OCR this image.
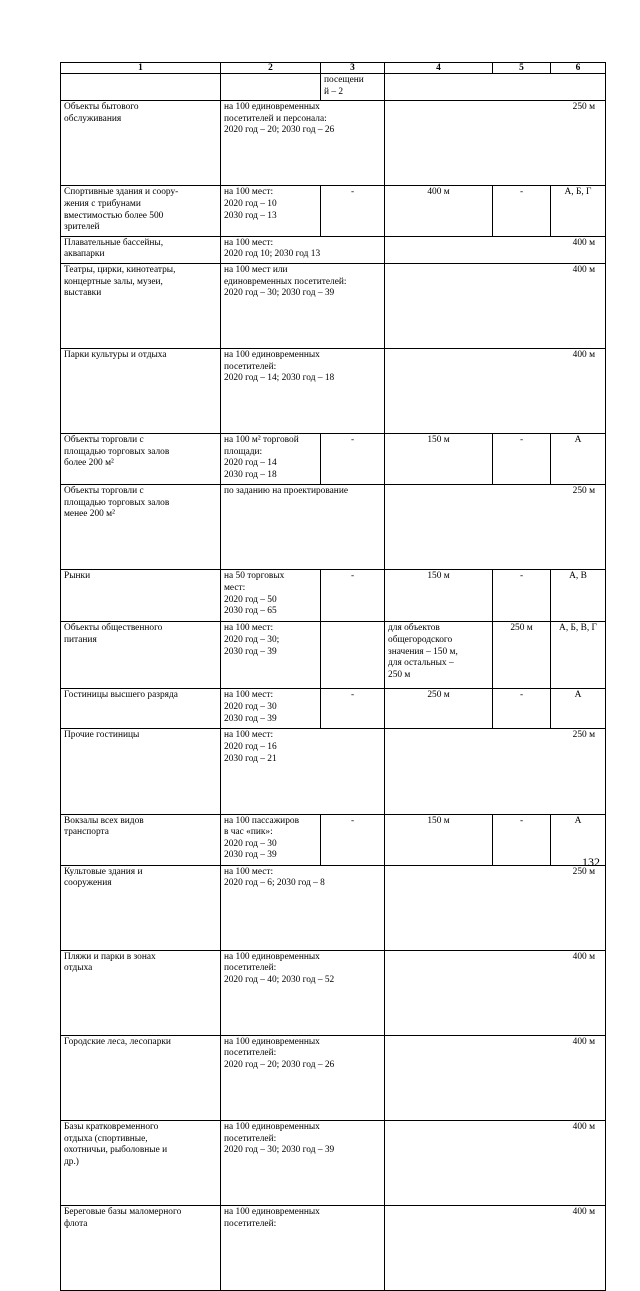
1	2	3	4	5	6	
		посещени
й – 2				
Объекты бытового
обслуживания	на 100 единовременных
посетителей и персонала:
2020 год – 20; 2030 год – 26		250 м	
Спортивные здания и соору-
жения с трибунами
вместимостью более 500
зрителей	на 100 мест:
2020 год – 10
2030 год – 13	-	400 м	-	А, Б, Г	
Плавательные бассейны,
аквапарки	на 100 мест:
2020 год 10; 2030 год 13		400 м	
Театры, цирки, кинотеатры,
концертные залы, музеи,
выставки	на 100 мест или
единовременных посетителей:
2020 год – 30; 2030 год – 39		400 м	
Парки культуры и отдыха	на 100 единовременных
посетителей:
2020 год – 14; 2030 год – 18		400 м	
Объекты торговли с
площадью торговых залов
более 200 м²	на 100 м² торговой
площади:
2020 год – 14
2030 год – 18	-	150 м	-	А	
Объекты торговли с
площадью торговых залов
менее 200 м²	по заданию на проектирование		250 м	
Рынки	на 50 торговых
мест:
2020 год – 50
2030 год – 65	-	150 м	-	А, В	
Объекты общественного
питания	на 100 мест:
2020 год – 30;
2030 год – 39		для объектов
общегородского
значения – 150 м,
для остальных –
250 м	250 м	А, Б, В, Г	
Гостиницы высшего разряда	на 100 мест:
2020 год – 30
2030 год – 39	-	250 м	-	А	
Прочие гостиницы	на 100 мест:
2020 год – 16
2030 год – 21		250 м	
Вокзалы всех видов
транспорта	на 100 пассажиров
в час «пик»:
2020 год – 30
2030 год – 39	-	150 м	-	А	
Культовые здания и
сооружения	на 100 мест:
2020 год – 6; 2030 год – 8		250 м	
Пляжи и парки в зонах
отдыха	на 100 единовременных
посетителей:
2020 год – 40; 2030 год – 52		400 м	
Городские леса, лесопарки	на 100 единовременных
посетителей:
2020 год – 20; 2030 год – 26		400 м	
Базы кратковременного
отдыха (спортивные,
охотничьи, рыболовные и
др.)	на 100 единовременных
посетителей:
2020 год – 30; 2030 год – 39		400 м	
Береговые базы маломерного
флота	на 100 единовременных
посетителей:		400 м	
132
